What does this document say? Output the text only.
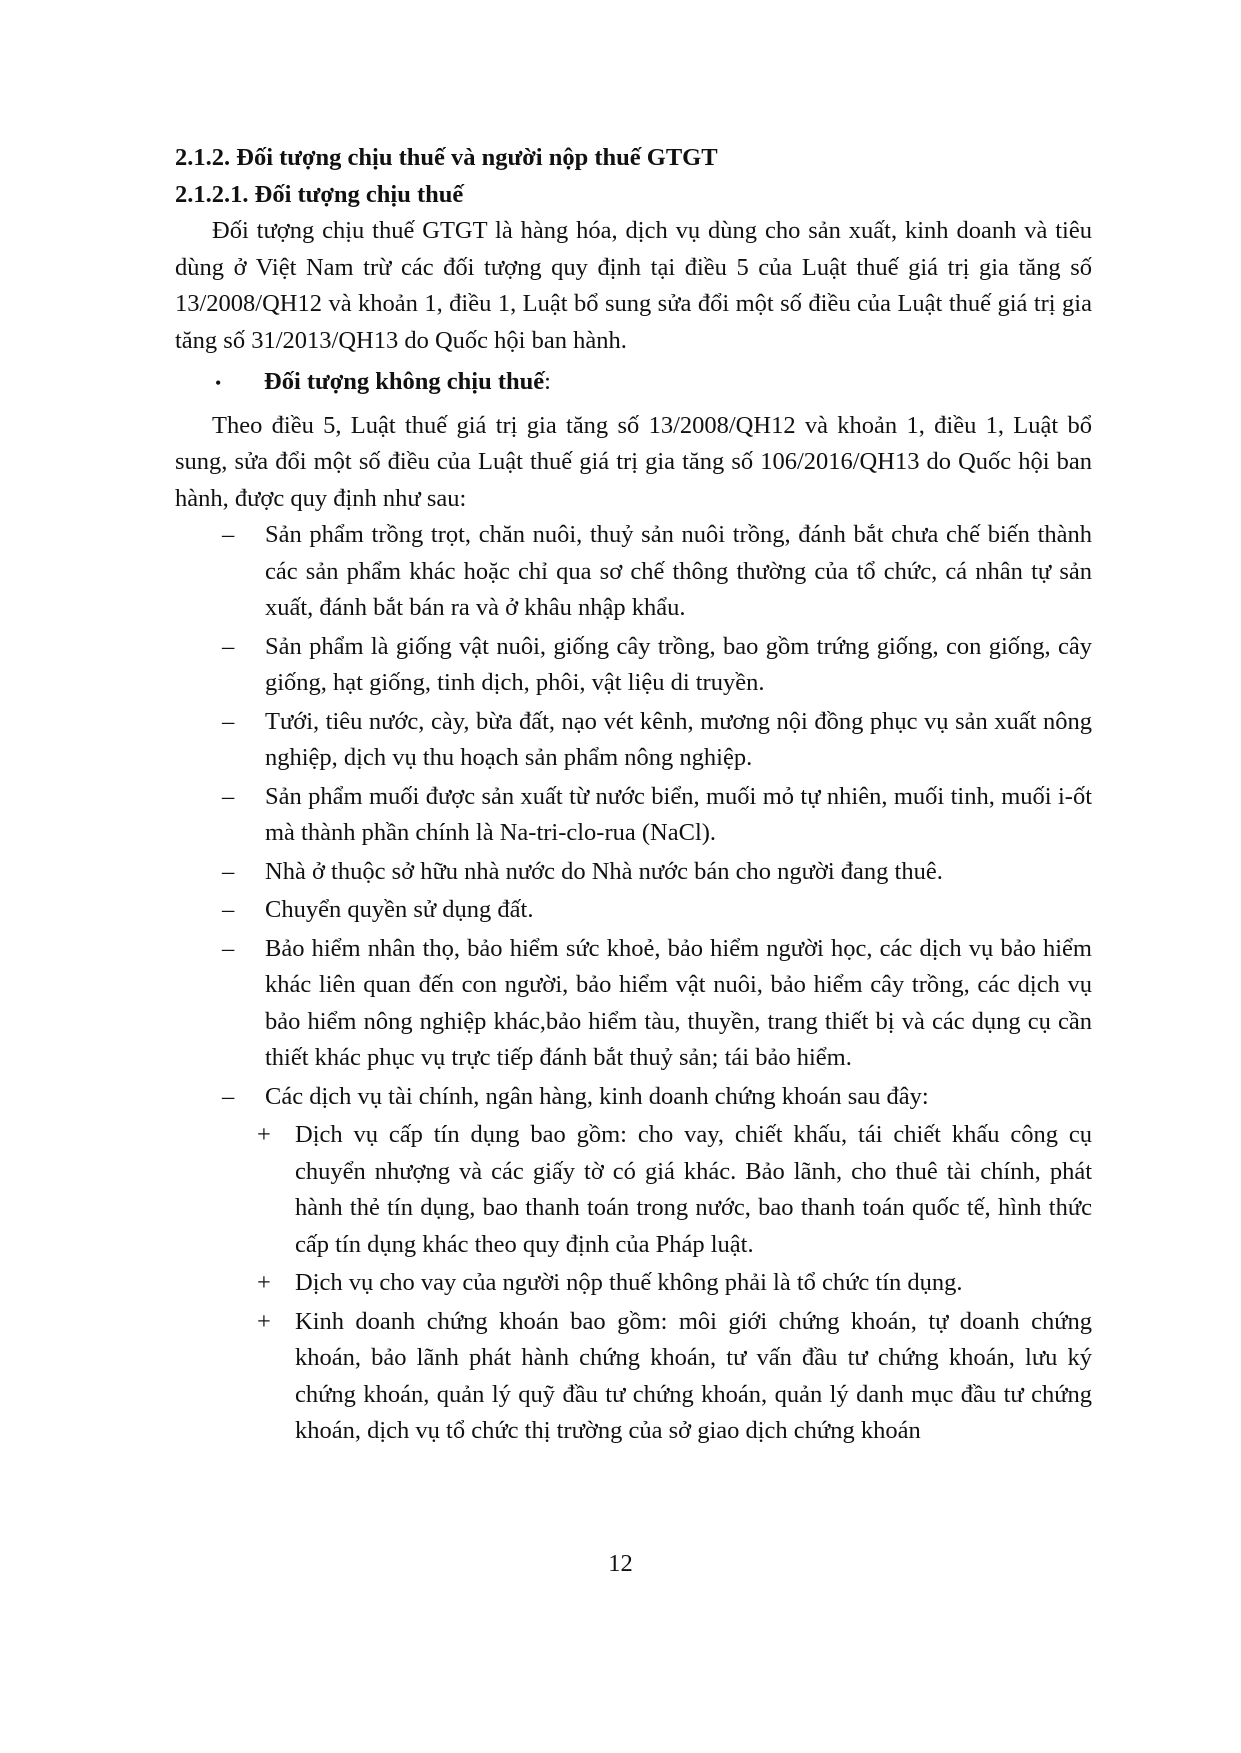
2.1.2. Đối tượng chịu thuế và người nộp thuế GTGT

2.1.2.1. Đối tượng chịu thuế

Đối tượng chịu thuế GTGT là hàng hóa, dịch vụ dùng cho sản xuất, kinh doanh và tiêu dùng ở Việt Nam trừ các đối tượng quy định tại điều 5 của Luật thuế giá trị gia tăng số 13/2008/QH12 và khoản 1, điều 1, Luật bổ sung sửa đổi một số điều của Luật thuế giá trị gia tăng số 31/2013/QH13 do Quốc hội ban hành.

•	Đối tượng không chịu thuế :

Theo điều 5, Luật thuế giá trị gia tăng số 13/2008/QH12 và khoản 1, điều 1, Luật bổ sung, sửa đổi một số điều của Luật thuế giá trị gia tăng số 106/2016/QH13 do Quốc hội ban hành, được quy định như sau:

–	Sản phẩm trồng trọt, chăn nuôi, thuỷ sản nuôi trồng, đánh bắt chưa chế biến thành các sản phẩm khác hoặc chỉ qua sơ chế thông thường của tổ chức, cá nhân tự sản xuất, đánh bắt bán ra và ở khâu nhập khẩu.
–	Sản phẩm là giống vật nuôi, giống cây trồng, bao gồm trứng giống, con giống, cây giống, hạt giống, tinh dịch, phôi, vật liệu di truyền.
–	Tưới, tiêu nước, cày, bừa đất, nạo vét kênh, mương nội đồng phục vụ sản xuất nông nghiệp, dịch vụ thu hoạch sản phẩm nông nghiệp.
–	Sản phẩm muối được sản xuất từ nước biển, muối mỏ tự nhiên, muối tinh, muối i-ốt mà thành phần chính là Na-tri-clo-rua (NaCl).
–	Nhà ở thuộc sở hữu nhà nước do Nhà nước bán cho người đang thuê.
–	Chuyển quyền sử dụng đất.
–	Bảo hiểm nhân thọ, bảo hiểm sức khoẻ, bảo hiểm người học, các dịch vụ bảo hiểm khác liên quan đến con người, bảo hiểm vật nuôi, bảo hiểm cây trồng, các dịch vụ bảo hiểm nông nghiệp khác,bảo hiểm tàu, thuyền, trang thiết bị và các dụng cụ cần thiết khác phục vụ trực tiếp đánh bắt thuỷ sản; tái bảo hiểm.
–	Các dịch vụ tài chính, ngân hàng, kinh doanh chứng khoán sau đây:
+ Dịch vụ cấp tín dụng bao gồm: cho vay, chiết khấu, tái chiết khấu công cụ chuyển nhượng và các giấy tờ có giá khác. Bảo lãnh, cho thuê tài chính, phát hành thẻ tín dụng, bao thanh toán trong nước, bao thanh toán quốc tế, hình thức cấp tín dụng khác theo quy định của Pháp luật.
+ Dịch vụ cho vay của người nộp thuế không phải là tổ chức tín dụng.
+ Kinh doanh chứng khoán bao gồm: môi giới chứng khoán, tự doanh chứng khoán, bảo lãnh phát hành chứng khoán, tư vấn đầu tư chứng khoán, lưu ký chứng khoán, quản lý quỹ đầu tư chứng khoán, quản lý danh mục đầu tư chứng khoán, dịch vụ tổ chức thị trường của sở giao dịch chứng khoán
12
